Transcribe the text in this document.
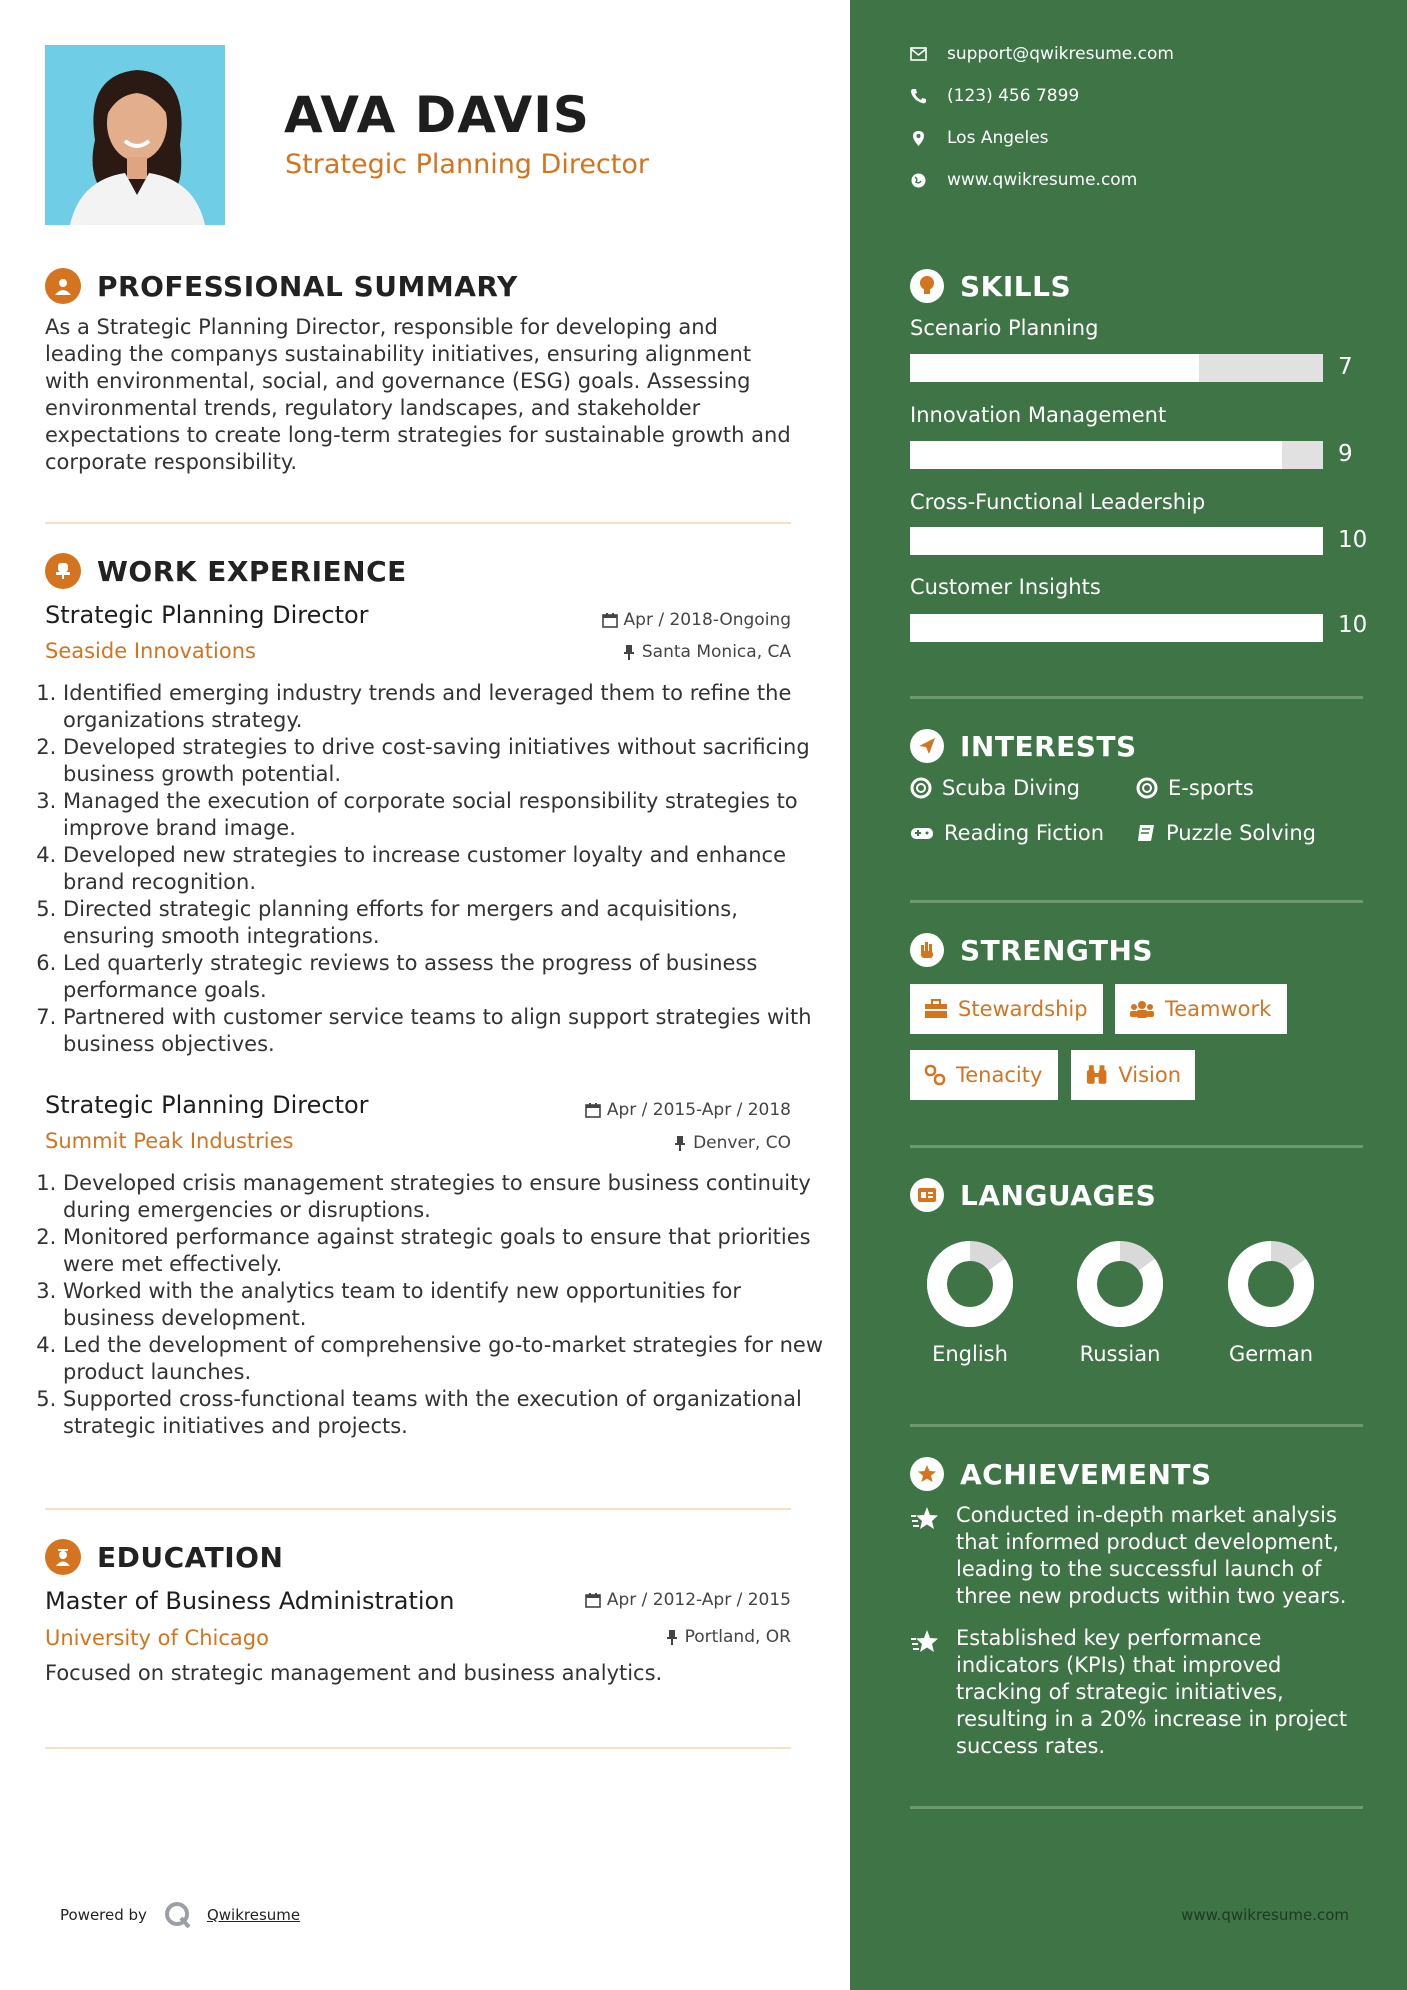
AVA DAVIS
Strategic Planning Director
PROFESSIONAL SUMMARY
As a Strategic Planning Director, responsible for developing and leading the companys sustainability initiatives, ensuring alignment with environmental, social, and governance (ESG) goals. Assessing environmental trends, regulatory landscapes, and stakeholder expectations to create long-term strategies for sustainable growth and corporate responsibility.
WORK EXPERIENCE
Strategic Planning Director
Seaside Innovations
Apr / 2018-Ongoing
Santa Monica, CA
1. Identified emerging industry trends and leveraged them to refine the organizations strategy.
2. Developed strategies to drive cost-saving initiatives without sacrificing business growth potential.
3. Managed the execution of corporate social responsibility strategies to improve brand image.
4. Developed new strategies to increase customer loyalty and enhance brand recognition.
5. Directed strategic planning efforts for mergers and acquisitions, ensuring smooth integrations.
6. Led quarterly strategic reviews to assess the progress of business performance goals.
7. Partnered with customer service teams to align support strategies with business objectives.
Strategic Planning Director
Summit Peak Industries
Apr / 2015-Apr / 2018
Denver, CO
1. Developed crisis management strategies to ensure business continuity during emergencies or disruptions.
2. Monitored performance against strategic goals to ensure that priorities were met effectively.
3. Worked with the analytics team to identify new opportunities for business development.
4. Led the development of comprehensive go-to-market strategies for new product launches.
5. Supported cross-functional teams with the execution of organizational strategic initiatives and projects.
EDUCATION
Master of Business Administration
University of Chicago
Apr / 2012-Apr / 2015
Portland, OR
Focused on strategic management and business analytics.
Powered by	Qwikresume
support@qwikresume.com
(123) 456 7899
Los Angeles
www.qwikresume.com
SKILLS
Scenario Planning
7
Innovation Management
9
Cross-Functional Leadership
10
Customer Insights
10
INTERESTS
Scuba Diving	E-sports
Reading Fiction	Puzzle Solving
STRENGTHS
Stewardship	Teamwork
Tenacity	Vision
LANGUAGES
English	Russian	German
ACHIEVEMENTS
Conducted in-depth market analysis that informed product development, leading to the successful launch of three new products within two years.
Established key performance indicators (KPIs) that improved tracking of strategic initiatives, resulting in a 20% increase in project success rates.
www.qwikresume.com
